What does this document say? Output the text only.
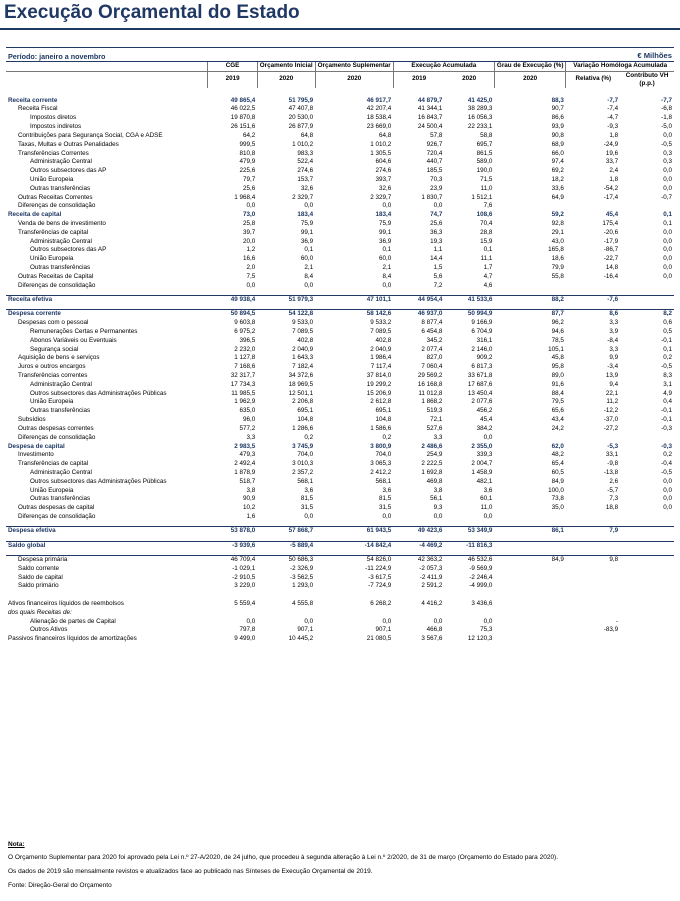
Execução Orçamental do Estado
Período: janeiro a novembro	€ Milhões
	CGE	Orçamento Inicial	Orçamento Suplementar	Execução Acumulada		Grau de Execução (%)	Variação Homóloga Acumulada	
	2019	2020	2020	2019	2020	2020	Relativa (%)	Contributo VH (p.p.)

Receita corrente	49 865,4	51 795,9	46 917,7	44 879,7	41 425,0	88,3	-7,7	-7,7
Receita Fiscal	46 022,5	47 407,8	42 207,4	41 344,1	38 289,3	90,7	-7,4	-6,8
Impostos diretos	19 870,8	20 530,0	18 538,4	16 843,7	16 056,3	86,6	-4,7	-1,8
Impostos indiretos	26 151,6	26 877,9	23 669,0	24 500,4	22 233,1	93,9	-9,3	-5,0
Contribuições para Segurança Social, CGA e ADSE	64,2	64,8	64,8	57,8	58,8	90,8	1,8	0,0
Taxas, Multas e Outras Penalidades	999,5	1 010,2	1 010,2	926,7	695,7	68,9	-24,9	-0,5
Transferências Correntes	810,8	983,3	1 305,5	720,4	861,5	66,0	19,6	0,3
Administração Central	479,9	522,4	604,6	440,7	589,0	97,4	33,7	0,3
Outros subsectores das AP	225,6	274,6	274,6	185,5	190,0	69,2	2,4	0,0
União Europeia	79,7	153,7	393,7	70,3	71,5	18,2	1,8	0,0
Outras transferências	25,6	32,6	32,6	23,9	11,0	33,6	-54,2	0,0
Outras Receitas Correntes	1 968,4	2 329,7	2 329,7	1 830,7	1 512,1	64,9	-17,4	-0,7
Diferenças de consolidação	0,0	0,0	0,0	0,0	7,6			
Receita de capital	73,0	183,4	183,4	74,7	108,6	59,2	45,4	0,1
Venda de bens de investimento	25,8	75,9	75,9	25,6	70,4	92,8	175,4	0,1
Transferências de capital	39,7	99,1	99,1	36,3	28,8	29,1	-20,6	0,0
Administração Central	20,0	36,9	36,9	19,3	15,9	43,0	-17,9	0,0
Outros subsectores das AP	1,2	0,1	0,1	1,1	0,1	165,8	-86,7	0,0
União Europeia	16,6	60,0	60,0	14,4	11,1	18,6	-22,7	0,0
Outras transferências	2,0	2,1	2,1	1,5	1,7	79,9	14,8	0,0
Outras Receitas de Capital	7,5	8,4	8,4	5,6	4,7	55,8	-16,4	0,0
Diferenças de consolidação	0,0	0,0	0,0	7,2	4,6			

Receita efetiva	49 938,4	51 979,3	47 101,1	44 954,4	41 533,6	88,2	-7,6	

Despesa corrente	50 894,5	54 122,8	58 142,6	46 937,0	50 994,9	87,7	8,6	8,2
Despesas com o pessoal	9 603,8	9 533,0	9 533,2	8 877,4	9 166,9	96,2	3,3	0,6
Remunerações Certas e Permanentes	6 975,2	7 089,5	7 089,5	6 454,8	6 704,9	94,6	3,9	0,5
Abonos Variáveis ou Eventuais	396,5	402,8	402,8	345,2	316,1	78,5	-8,4	-0,1
Segurança social	2 232,0	2 040,9	2 040,9	2 077,4	2 146,0	105,1	3,3	0,1
Aquisição de bens e serviços	1 127,8	1 643,3	1 986,4	827,0	909,2	45,8	9,9	0,2
Juros e outros encargos	7 168,6	7 182,4	7 117,4	7 060,4	6 817,3	95,8	-3,4	-0,5
Transferências correntes	32 317,7	34 372,6	37 814,0	29 569,2	33 671,8	89,0	13,9	8,3
Administração Central	17 734,3	18 969,5	19 299,2	16 168,8	17 687,6	91,6	9,4	3,1
Outros subsectores das Administrações Públicas	11 985,5	12 501,1	15 206,9	11 012,8	13 450,4	88,4	22,1	4,9
União Europeia	1 962,9	2 206,8	2 612,8	1 868,2	2 077,6	79,5	11,2	0,4
Outras transferências	635,0	695,1	695,1	519,3	456,2	65,6	-12,2	-0,1
Subsídios	96,0	104,8	104,8	72,1	45,4	43,4	-37,0	-0,1
Outras despesas correntes	577,2	1 286,6	1 586,6	527,6	384,2	24,2	-27,2	-0,3
Diferenças de consolidação	3,3	0,2	0,2	3,3	0,0			
Despesa de capital	2 983,5	3 745,9	3 800,9	2 486,6	2 355,0	62,0	-5,3	-0,3
Investimento	479,3	704,0	704,0	254,9	339,3	48,2	33,1	0,2
Transferências de capital	2 492,4	3 010,3	3 065,3	2 222,5	2 004,7	65,4	-9,8	-0,4
Administração Central	1 878,9	2 357,2	2 412,2	1 692,8	1 458,9	60,5	-13,8	-0,5
Outros subsectores das Administrações Públicas	518,7	568,1	568,1	469,8	482,1	84,9	2,6	0,0
União Europeia	3,8	3,6	3,6	3,8	3,6	100,0	-5,7	0,0
Outras transferências	90,9	81,5	81,5	56,1	60,1	73,8	7,3	0,0
Outras despesas de capital	10,2	31,5	31,5	9,3	11,0	35,0	18,8	0,0
Diferenças de consolidação	1,6	0,0	0,0	0,0	0,0			

Despesa efetiva	53 878,0	57 868,7	61 943,5	49 423,6	53 349,9	86,1	7,9	

Saldo global	-3 939,6	-5 889,4	-14 842,4	-4 469,2	-11 816,3			

Despesa primária	46 709,4	50 686,3	54 826,0	42 363,2	46 532,6	84,9	9,8	
Saldo corrente	-1 029,1	-2 326,9	-11 224,9	-2 057,3	-9 569,9			
Saldo de capital	-2 910,5	-3 562,5	-3 617,5	-2 411,9	-2 246,4			
Saldo primário	3 229,0	1 293,0	-7 724,9	2 591,2	-4 999,0			

Ativos financeiros líquidos de reembolsos	5 559,4	4 555,8	6 268,2	4 416,2	3 436,6			
dos quais Receitas de:								
Alienação de partes de Capital	0,0	0,0	0,0	0,0	0,0		-	
Outros Ativos	797,8	907,1	907,1	466,8	75,3		-83,9	
Passivos financeiros líquidos de amortizações	9 499,0	10 445,2	21 080,5	3 567,6	12 120,3			
Nota:

O Orçamento Suplementar para 2020 foi aprovado pela Lei n.º 27-A/2020, de 24 julho, que procedeu à segunda alteração à Lei n.º 2/2020, de 31 de março (Orçamento do Estado para 2020).

Os dados de 2019 são mensalmente revistos e atualizados face ao publicado nas Sínteses de Execução Orçamental de 2019.

Fonte: Direção-Geral do Orçamento
